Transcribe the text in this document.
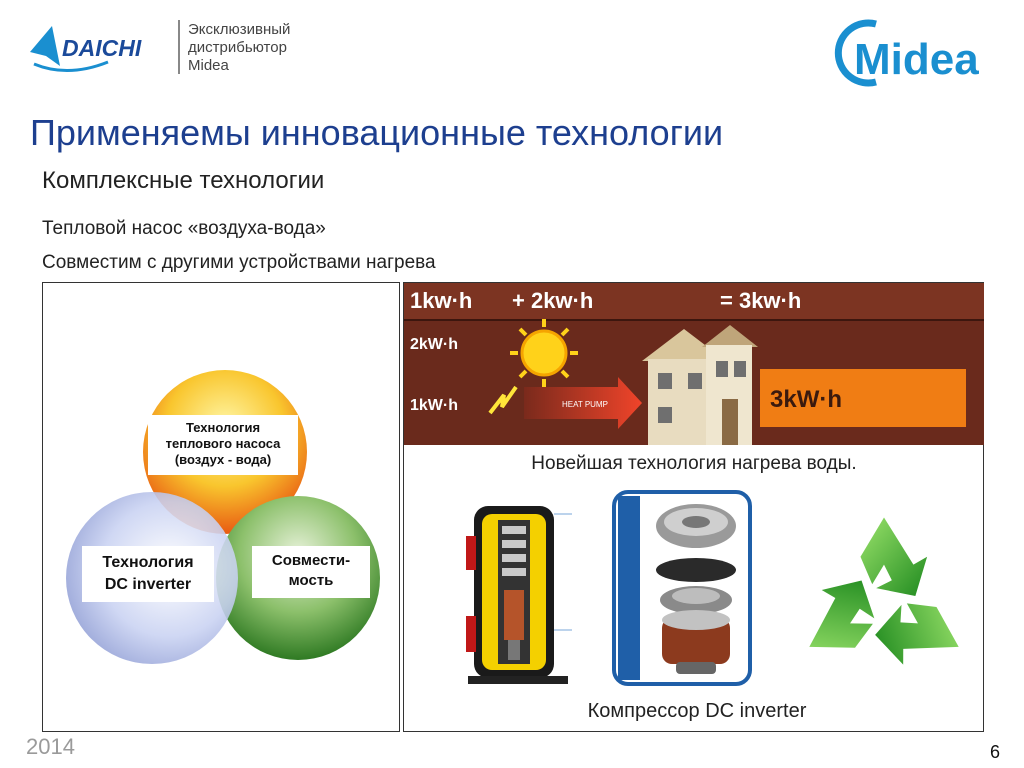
DAICHI
Эксклюзивный
дистрибьютор
Midea	Midea
Применяемы инновационные технологии
Комплексные технологии
Тепловой насос «воздуха-вода»
Совместим с другими устройствами нагрева
Технология
теплового насоса
(воздух - вода)
Технология
DC inverter
Совмести-
мость
1kw·h + 2kw·h	= 3kw·h
2kW·h
1kW·h	HEAT PUMP	3kW·h
Новейшая технология нагрева воды.
Компрессор DC inverter
2014	6
